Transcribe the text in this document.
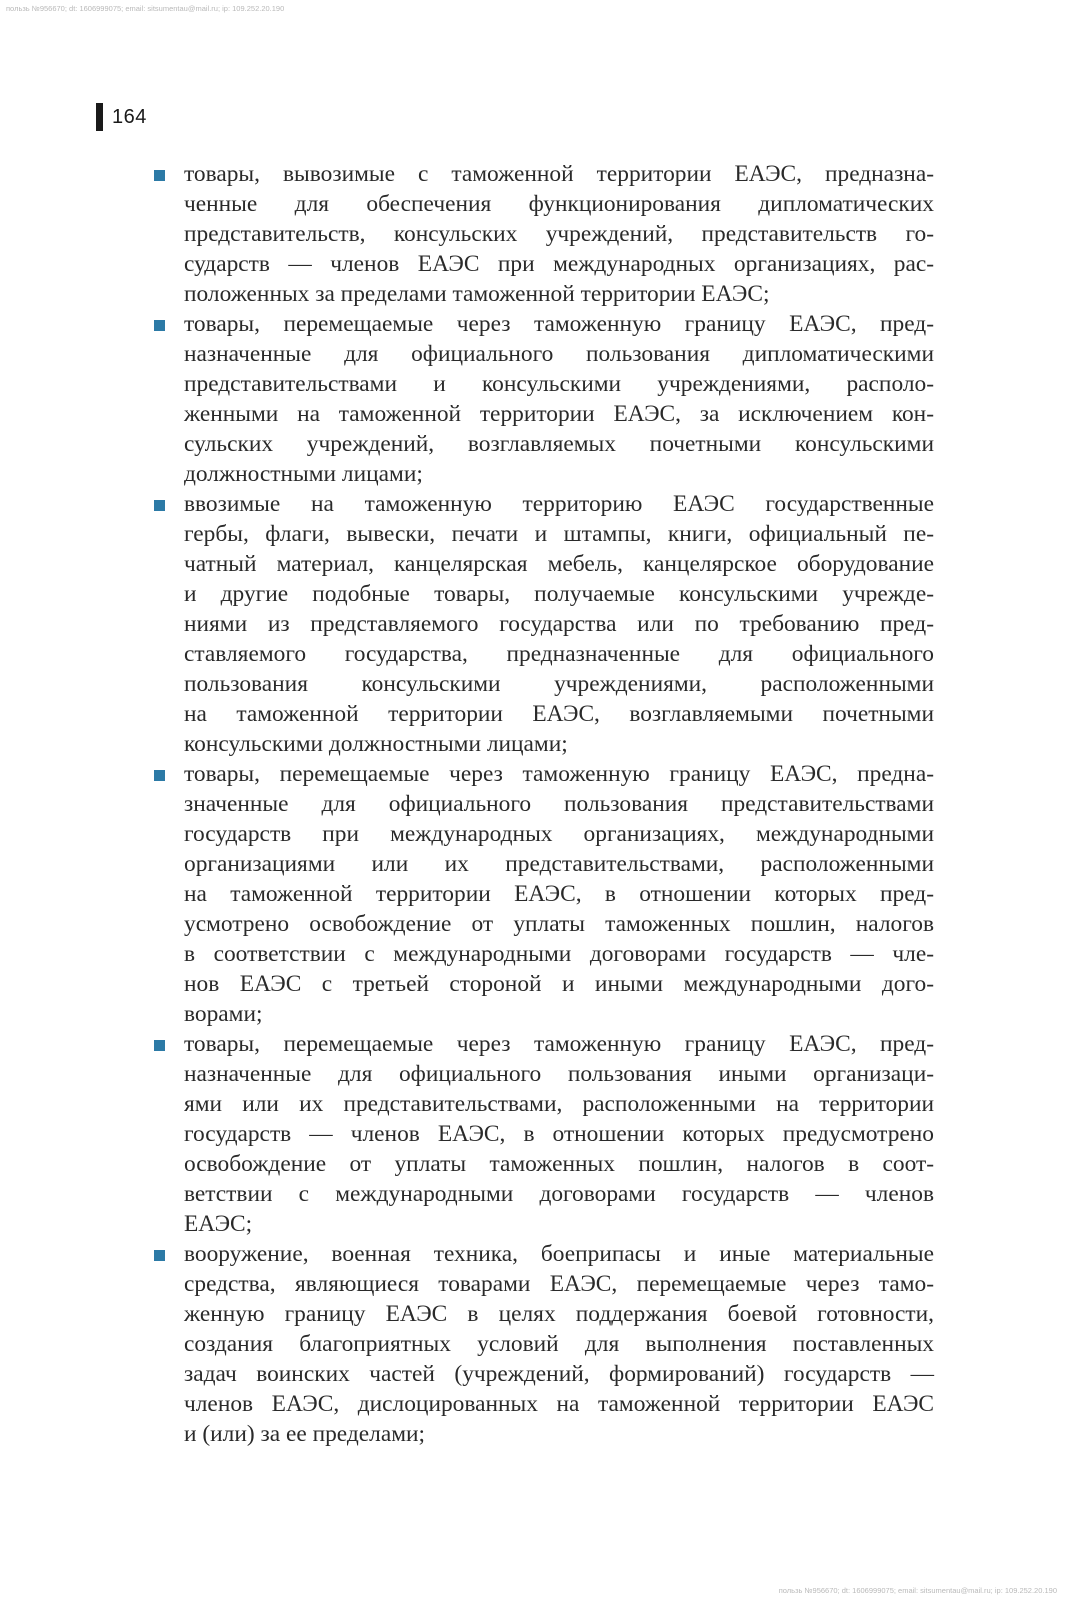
пользь №956670; dt: 1606999075; email: sitsumentau@mail.ru; ip: 109.252.20.190
164
товары, вывозимые с таможенной территории ЕАЭС, предназна-
ченные для обеспечения функционирования дипломатических
представительств, консульских учреждений, представительств го-
сударств — членов ЕАЭС при международных организациях, рас-
положенных за пределами таможенной территории ЕАЭС;
товары, перемещаемые через таможенную границу ЕАЭС, пред-
назначенные для официального пользования дипломатическими
представительствами и консульскими учреждениями, располо-
женными на таможенной территории ЕАЭС, за исключением кон-
сульских учреждений, возглавляемых почетными консульскими
должностными лицами;
ввозимые на таможенную территорию ЕАЭС государственные
гербы, флаги, вывески, печати и штампы, книги, официальный пе-
чатный материал, канцелярская мебель, канцелярское оборудование
и другие подобные товары, получаемые консульскими учрежде-
ниями из представляемого государства или по требованию пред-
ставляемого государства, предназначенные для официального
пользования консульскими учреждениями, расположенными
на таможенной территории ЕАЭС, возглавляемыми почетными
консульскими должностными лицами;
товары, перемещаемые через таможенную границу ЕАЭС, предна-
значенные для официального пользования представительствами
государств при международных организациях, международными
организациями или их представительствами, расположенными
на таможенной территории ЕАЭС, в отношении которых пред-
усмотрено освобождение от уплаты таможенных пошлин, налогов
в соответствии с международными договорами государств — чле-
нов ЕАЭС с третьей стороной и иными международными дого-
ворами;
товары, перемещаемые через таможенную границу ЕАЭС, пред-
назначенные для официального пользования иными организаци-
ями или их представительствами, расположенными на территории
государств — членов ЕАЭС, в отношении которых предусмотрено
освобождение от уплаты таможенных пошлин, налогов в соот-
ветствии с международными договорами государств — членов
ЕАЭС;
вооружение, военная техника, боеприпасы и иные материальные
средства, являющиеся товарами ЕАЭС, перемещаемые через тамо-
женную границу ЕАЭС в целях поддержания боевой готовности,
создания благоприятных условий для выполнения поставленных
задач воинских частей (учреждений, формирований) государств —
членов ЕАЭС, дислоцированных на таможенной территории ЕАЭС
и (или) за ее пределами;
пользь №956670; dt: 1606999075; email: sitsumentau@mail.ru; ip: 109.252.20.190
